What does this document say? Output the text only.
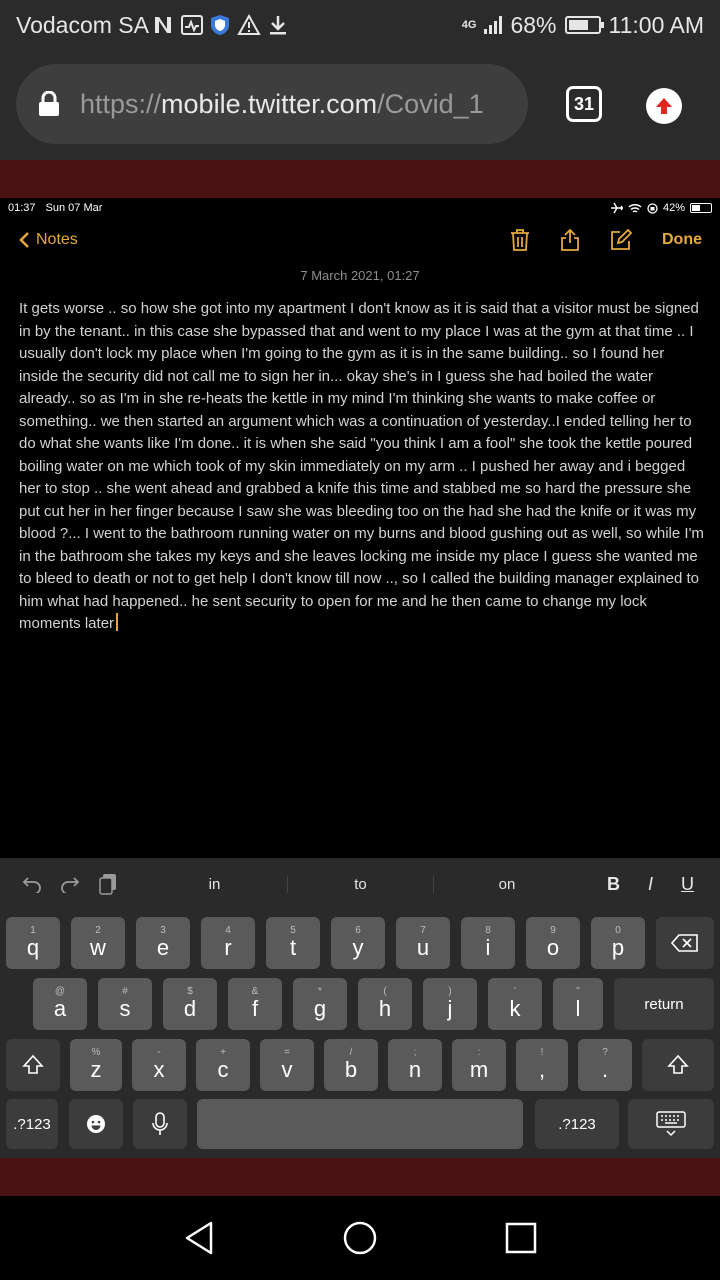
Vodacom SA	4G 68% 11:00 AM
https://mobile.twitter.com/Covid_1	31
01:37 Sun 07 Mar	42%
Notes	Done
7 March 2021, 01:27
It gets worse .. so how she got into my apartment I don't know as it is said that a visitor must be signed in by the tenant.. in this case she bypassed that and went to my place I was at the gym at that time .. I usually don't lock my place when I'm going to the gym as it is in the same building.. so I found her inside the security did not call me to sign her in... okay she's in I guess she had boiled the water already.. so as I'm in she re-heats the kettle in my mind I'm thinking she wants to make coffee or something.. we then started an argument which was a continuation of yesterday..I ended telling her to do what she wants like I'm done.. it is when she said "you think I am a fool" she took the kettle poured boiling water on me which took of my skin immediately on my arm .. I pushed her away and i begged her to stop .. she went ahead and grabbed a knife this time and stabbed me so hard the pressure she put cut her in her finger because I saw she was bleeding too on the had she had the knife or it was my blood ?... I went to the bathroom running water on my burns and blood gushing out as well, so while I'm in the bathroom she takes my keys and she leaves locking me inside my place I guess she wanted me to bleed to death or not to get help I don't know till now .., so I called the building manager explained to him what had happened.. he sent security to open for me and he then came to change my lock moments later
in	to	on	B I U
1
q
2
w
3
e
4
r
5
t
6
y
7
u
8
i
9
o
0
p
@
a
#
s
$
d
&
f
*
g
(
h
)
j
'
k
"
l	return
%
z
-
x
+
c
=
v
/
b
;
n
:
m
!
,
?
.
.?123	.?123
